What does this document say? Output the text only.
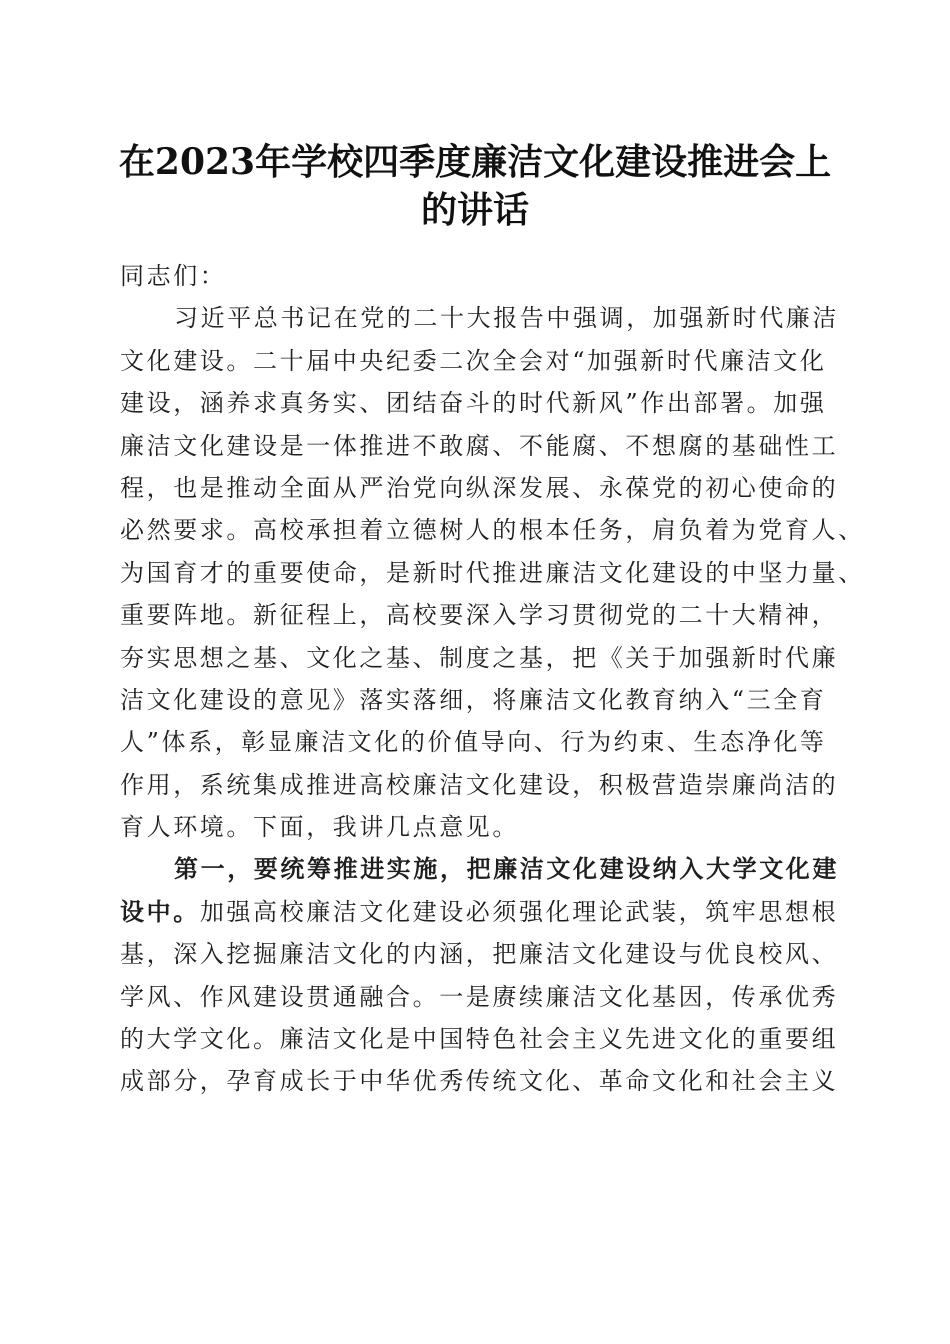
在2023年学校四季度廉洁文化建设推进会上
的讲话
同志们：
习近平总书记在党的二十大报告中强调，加强新时代廉洁
文化建设。二十届中央纪委二次全会对“加强新时代廉洁文化
建设，涵养求真务实、团结奋斗的时代新风”作出部署。加强
廉洁文化建设是一体推进不敢腐、不能腐、不想腐的基础性工
程，也是推动全面从严治党向纵深发展、永葆党的初心使命的
必然要求。高校承担着立德树人的根本任务，肩负着为党育人、
为国育才的重要使命，是新时代推进廉洁文化建设的中坚力量、
重要阵地。新征程上，高校要深入学习贯彻党的二十大精神，
夯实思想之基、文化之基、制度之基，把《关于加强新时代廉
洁文化建设的意见》落实落细，将廉洁文化教育纳入“三全育
人”体系，彰显廉洁文化的价值导向、行为约束、生态净化等
作用，系统集成推进高校廉洁文化建设，积极营造崇廉尚洁的
育人环境。下面，我讲几点意见。
第一，要统筹推进实施，把廉洁文化建设纳入大学文化建
设中。加强高校廉洁文化建设必须强化理论武装，筑牢思想根
基，深入挖掘廉洁文化的内涵，把廉洁文化建设与优良校风、
学风、作风建设贯通融合。一是赓续廉洁文化基因，传承优秀
的大学文化。廉洁文化是中国特色社会主义先进文化的重要组
成部分，孕育成长于中华优秀传统文化、革命文化和社会主义
